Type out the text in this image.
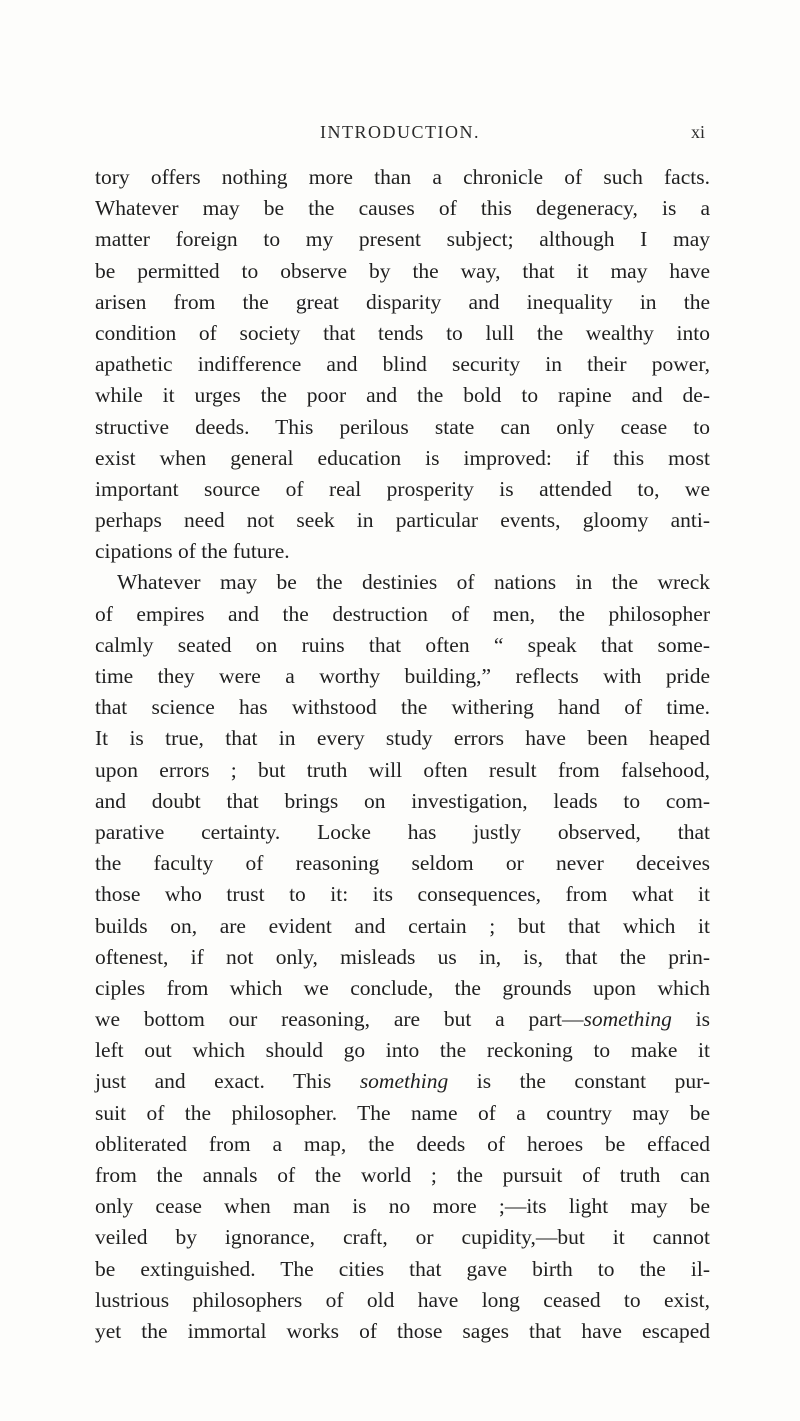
INTRODUCTION.	xi
tory offers nothing more than a chronicle of such facts.
Whatever may be the causes of this degeneracy, is a
matter foreign to my present subject; although I may
be permitted to observe by the way, that it may have
arisen from the great disparity and inequality in the
condition of society that tends to lull the wealthy into
apathetic indifference and blind security in their power,
while it urges the poor and the bold to rapine and de-
structive deeds. This perilous state can only cease to
exist when general education is improved: if this most
important source of real prosperity is attended to, we
perhaps need not seek in particular events, gloomy anti-
cipations of the future.
Whatever may be the destinies of nations in the wreck
of empires and the destruction of men, the philosopher
calmly seated on ruins that often “ speak that some-
time they were a worthy building,” reflects with pride
that science has withstood the withering hand of time.
It is true, that in every study errors have been heaped
upon errors ; but truth will often result from falsehood,
and doubt that brings on investigation, leads to com-
parative certainty. Locke has justly observed, that
the faculty of reasoning seldom or never deceives
those who trust to it: its consequences, from what it
builds on, are evident and certain ; but that which it
oftenest, if not only, misleads us in, is, that the prin-
ciples from which we conclude, the grounds upon which
we bottom our reasoning, are but a part—something is
left out which should go into the reckoning to make it
just and exact. This something is the constant pur-
suit of the philosopher. The name of a country may be
obliterated from a map, the deeds of heroes be effaced
from the annals of the world ; the pursuit of truth can
only cease when man is no more ;—its light may be
veiled by ignorance, craft, or cupidity,—but it cannot
be extinguished. The cities that gave birth to the il-
lustrious philosophers of old have long ceased to exist,
yet the immortal works of those sages that have escaped
